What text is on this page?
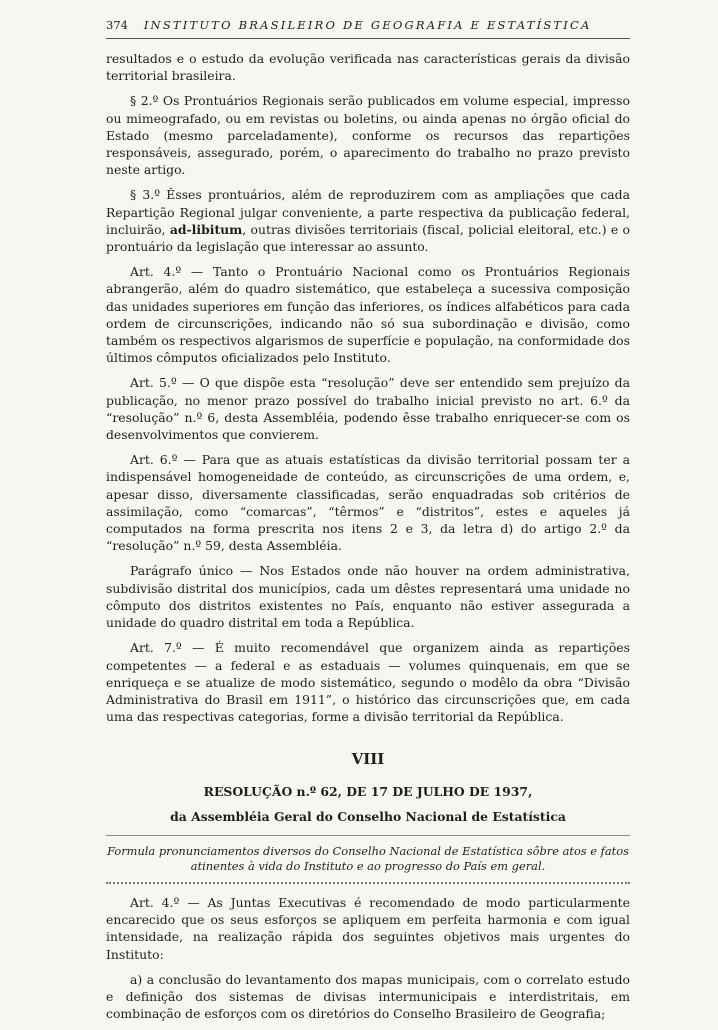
374 INSTITUTO BRASILEIRO DE GEOGRAFIA E ESTATÍSTICA

resultados e o estudo da evolução verificada nas características gerais da divisão territorial brasileira.

§ 2.º Os Prontuários Regionais serão publicados em volume especial, impresso ou mimeografado, ou em revistas ou boletins, ou ainda apenas no órgão oficial do Estado (mesmo parceladamente), conforme os recursos das repartições responsáveis, assegurado, porém, o aparecimento do trabalho no prazo previsto neste artigo.

§ 3.º Êsses prontuários, além de reproduzirem com as ampliações que cada Repartição Regional julgar conveniente, a parte respectiva da publicação federal, incluirão, ad-libitum, outras divisões territoriais (fiscal, policial eleitoral, etc.) e o prontuário da legislação que interessar ao assunto.

Art. 4.º — Tanto o Prontuário Nacional como os Prontuários Regionais abrangerão, além do quadro sistemático, que estabeleça a sucessiva composição das unidades superiores em função das inferiores, os índices alfabéticos para cada ordem de circunscrições, indicando não só sua subordinação e divisão, como também os respectivos algarismos de superfície e população, na conformidade dos últimos cômputos oficializados pelo Instituto.

Art. 5.º — O que dispõe esta “resolução” deve ser entendido sem prejuízo da publicação, no menor prazo possível do trabalho inicial previsto no art. 6.º da “resolução” n.º 6, desta Assembléia, podendo êsse trabalho enriquecer-se com os desenvolvimentos que convierem.

Art. 6.º — Para que as atuais estatísticas da divisão territorial possam ter a indispensável homogeneidade de conteúdo, as circunscrições de uma ordem, e, apesar disso, diversamente classificadas, serão enquadradas sob critérios de assimilação, como “comarcas”, “têrmos” e “distritos”, estes e aqueles já computados na forma prescrita nos itens 2 e 3, da letra d) do artigo 2.º da “resolução” n.º 59, desta Assembléia.

Parágrafo único — Nos Estados onde não houver na ordem administrativa, subdivisão distrital dos municípios, cada um dêstes representará uma unidade no cômputo dos distritos existentes no País, enquanto não estiver assegurada a unidade do quadro distrital em toda a República.

Art. 7.º — É muito recomendável que organizem ainda as repartições competentes — a federal e as estaduais — volumes quinquenais, em que se enriqueça e se atualize de modo sistemático, segundo o modêlo da obra “Divisão Administrativa do Brasil em 1911”, o histórico das circunscrições que, em cada uma das respectivas categorias, forme a divisão territorial da República.

VIII
RESOLUÇÃO n.º 62, DE 17 DE JULHO DE 1937,
da Assembléia Geral do Conselho Nacional de Estatística
Formula pronunciamentos diversos do Conselho Nacional de Estatística sôbre atos e fatos atinentes à vida do Instituto e ao progresso do País em geral.

Art. 4.º — As Juntas Executivas é recomendado de modo particularmente encarecido que os seus esforços se apliquem em perfeita harmonia e com igual intensidade, na realização rápida dos seguintes objetivos mais urgentes do Instituto:

a) a conclusão do levantamento dos mapas municipais, com o correlato estudo e definição dos sistemas de divisas intermunicipais e interdistritais, em combinação de esforços com os diretórios do Conselho Brasileiro de Geografia;
